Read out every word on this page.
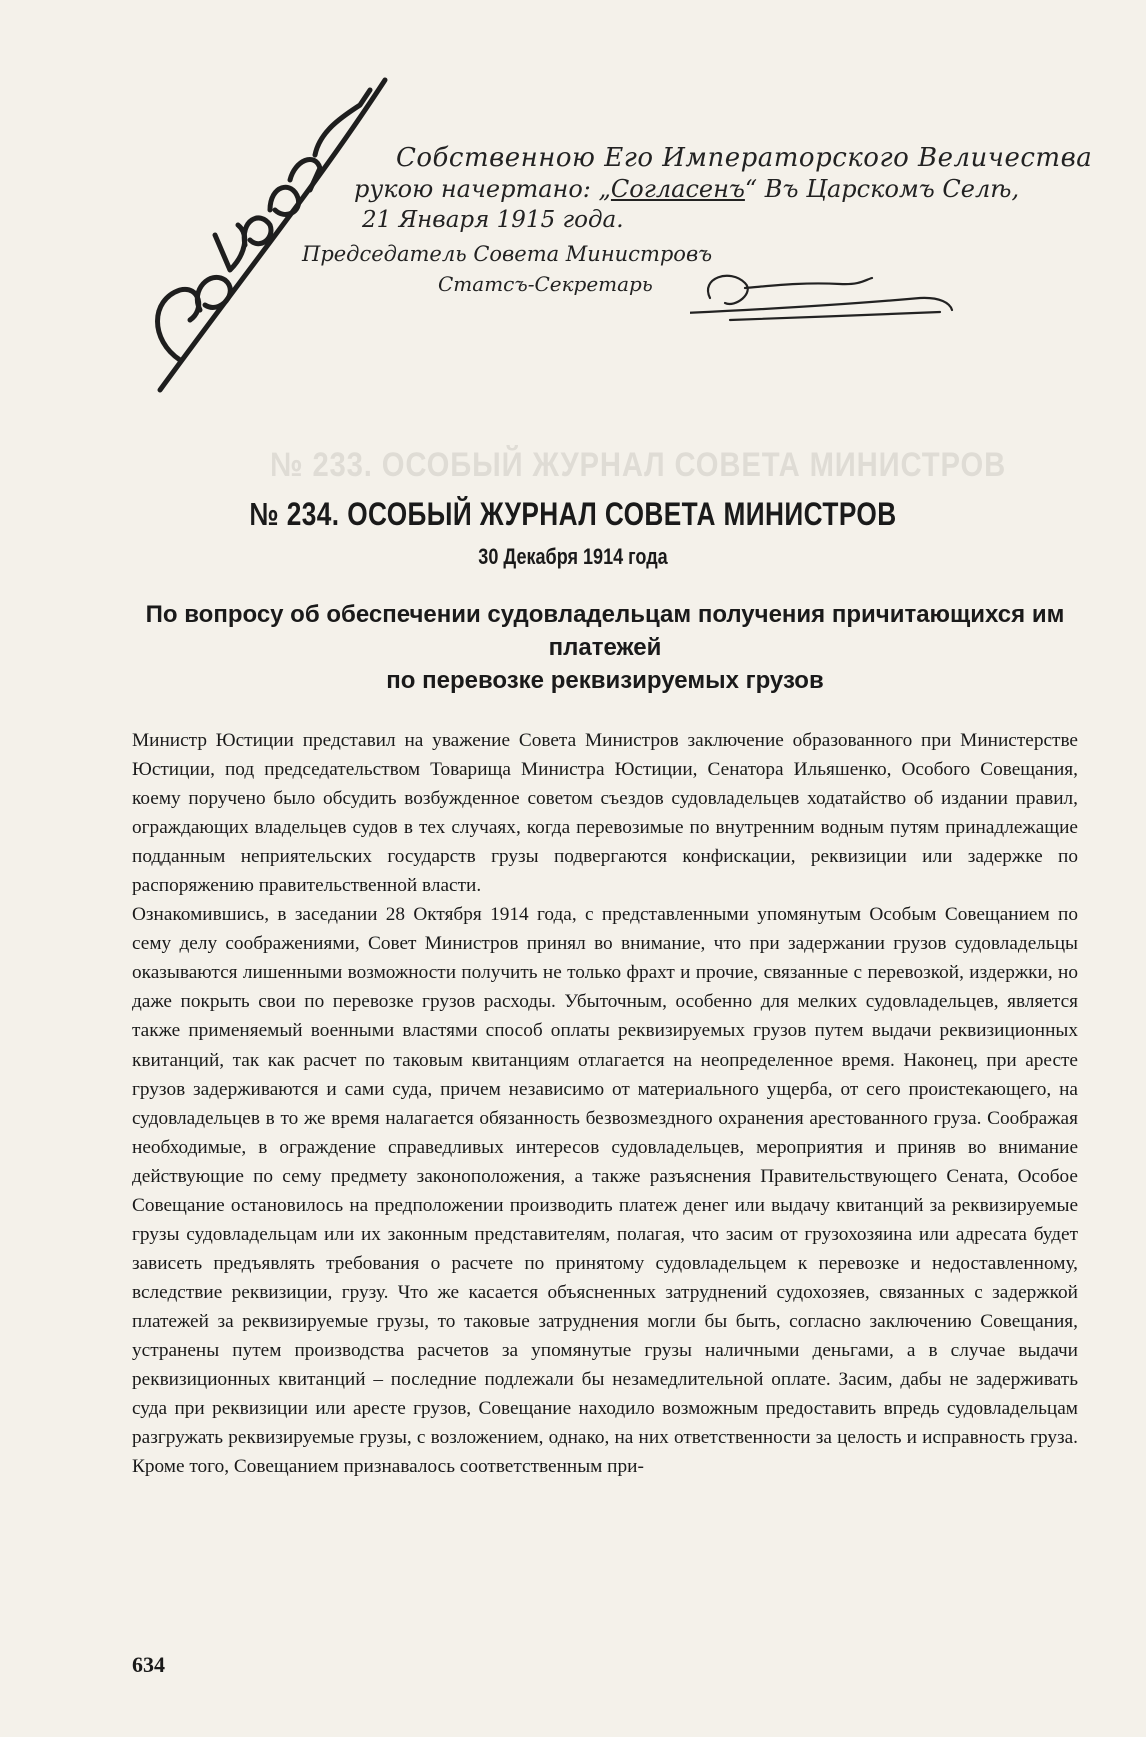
№ 233. ОСОБЫЙ ЖУРНАЛ СОВЕТА МИНИСТРОВ
Собственною Его Императорского Величества
рукою начертано: „Согласенъ“ Въ Царскомъ Селѣ,
21 Января 1915 года.
Председатель Совета Министровъ
Статсъ-Секретарь
№ 234. ОСОБЫЙ ЖУРНАЛ СОВЕТА МИНИСТРОВ
30 Декабря 1914 года
По вопросу об обеспечении судовладельцам получения причитающихся им платежей
по перевозке реквизируемых грузов

Министр Юстиции представил на уважение Совета Министров заключение образованного при Министерстве Юстиции, под председательством Товарища Министра Юстиции, Сенатора Ильяшенко, Особого Совещания, коему поручено было обсудить возбужденное советом съездов судовладельцев ходатайство об издании правил, ограждающих владельцев судов в тех случаях, когда перевозимые по внутренним водным путям принадлежащие подданным неприятельских государств грузы подвергаются конфискации, реквизиции или задержке по распоряжению правительственной власти.

Ознакомившись, в заседании 28 Октября 1914 года, с представленными упомянутым Особым Совещанием по сему делу соображениями, Совет Министров принял во внимание, что при задержании грузов судовладельцы оказываются лишенными возможности получить не только фрахт и прочие, связанные с перевозкой, издержки, но даже покрыть свои по перевозке грузов расходы. Убыточным, особенно для мелких судовладельцев, является также применяемый военными властями способ оплаты реквизируемых грузов путем выдачи реквизиционных квитанций, так как расчет по таковым квитанциям отлагается на неопределенное время. Наконец, при аресте грузов задерживаются и сами суда, причем независимо от материального ущерба, от сего проистекающего, на судовладельцев в то же время налагается обязанность безвозмездного охранения арестованного груза. Соображая необходимые, в ограждение справедливых интересов судовладельцев, мероприятия и приняв во внимание действующие по сему предмету законоположения, а также разъяснения Правительствующего Сената, Особое Совещание остановилось на предположении производить платеж денег или выдачу квитанций за реквизируемые грузы судовладельцам или их законным представителям, полагая, что засим от грузохозяина или адресата будет зависеть предъявлять требования о расчете по принятому судовладельцем к перевозке и недоставленному, вследствие реквизиции, грузу. Что же касается объясненных затруднений судохозяев, связанных с задержкой платежей за реквизируемые грузы, то таковые затруднения могли бы быть, согласно заключению Совещания, устранены путем производства расчетов за упомянутые грузы наличными деньгами, а в случае выдачи реквизиционных квитанций – последние подлежали бы незамедлительной оплате. Засим, дабы не задерживать суда при реквизиции или аресте грузов, Совещание находило возможным предоставить впредь судовладельцам разгружать реквизируемые грузы, с возложением, однако, на них ответственности за целость и исправность груза. Кроме того, Совещанием признавалось соответственным при-

634
